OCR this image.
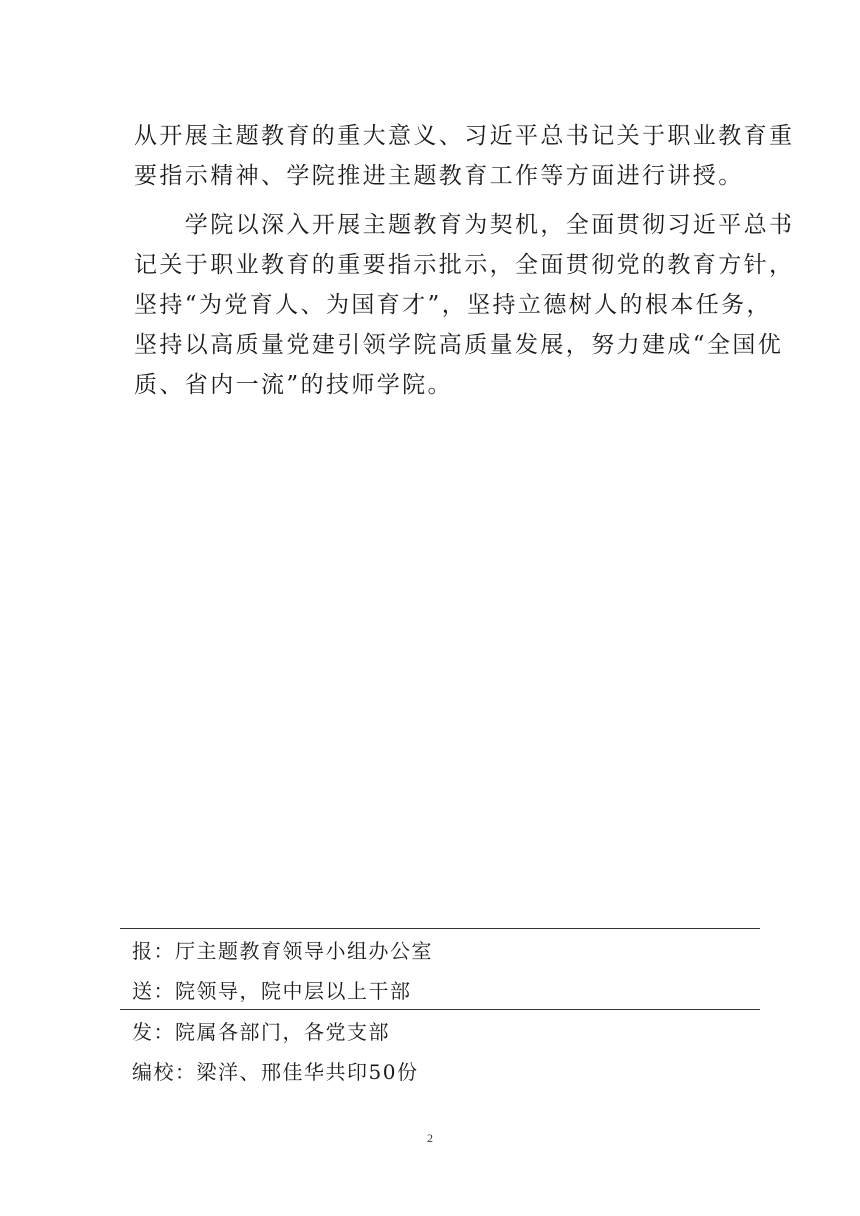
从开展主题教育的重大意义、习近平总书记关于职业教育重
要指示精神、学院推进主题教育工作等方面进行讲授。
　　学院以深入开展主题教育为契机，全面贯彻习近平总书
记关于职业教育的重要指示批示，全面贯彻党的教育方针，
坚持“为党育人、为国育才”，坚持立德树人的根本任务，
坚持以高质量党建引领学院高质量发展，努力建成“全国优
质、省内一流”的技师学院。
报：厅主题教育领导小组办公室
送：院领导，院中层以上干部
发：院属各部门，各党支部
编校：梁洋、邢佳华共印50份
2
